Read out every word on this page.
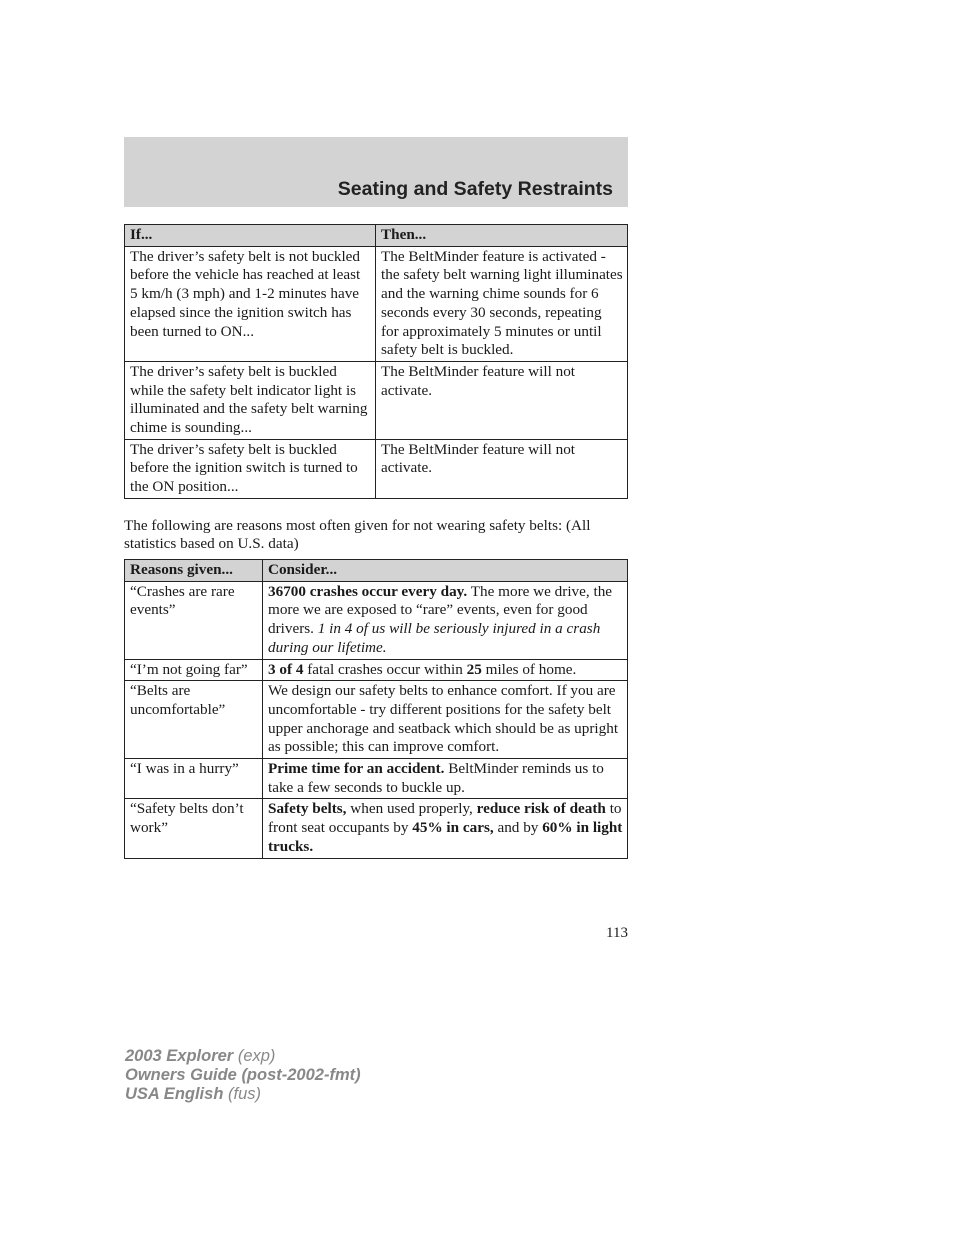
Seating and Safety Restraints
If...	Then...
The driver’s safety belt is not buckled before the vehicle has reached at least 5 km/h (3 mph) and 1-2 minutes have elapsed since the ignition switch has been turned to ON...	The BeltMinder feature is activated - the safety belt warning light illuminates and the warning chime sounds for 6 seconds every 30 seconds, repeating for approximately 5 minutes or until safety belt is buckled.
The driver’s safety belt is buckled while the safety belt indicator light is illuminated and the safety belt warning chime is sounding...	The BeltMinder feature will not activate.
The driver’s safety belt is buckled before the ignition switch is turned to the ON position...	The BeltMinder feature will not activate.

The following are reasons most often given for not wearing safety belts: (All statistics based on U.S. data)

Reasons given...	Consider...
“Crashes are rare events”	36700 crashes occur every day. The more we drive, the more we are exposed to “rare” events, even for good drivers. 1 in 4 of us will be seriously injured in a crash during our lifetime.
“I’m not going far”	3 of 4 fatal crashes occur within 25 miles of home.
“Belts are uncomfortable”	We design our safety belts to enhance comfort. If you are uncomfortable - try different positions for the safety belt upper anchorage and seatback which should be as upright as possible; this can improve comfort.
“I was in a hurry”	Prime time for an accident. BeltMinder reminds us to take a few seconds to buckle up.
“Safety belts don’t work”	Safety belts, when used properly, reduce risk of death to front seat occupants by 45% in cars, and by 60% in light trucks.

113

2003 Explorer (exp)
Owners Guide (post-2002-fmt)
USA English (fus)
